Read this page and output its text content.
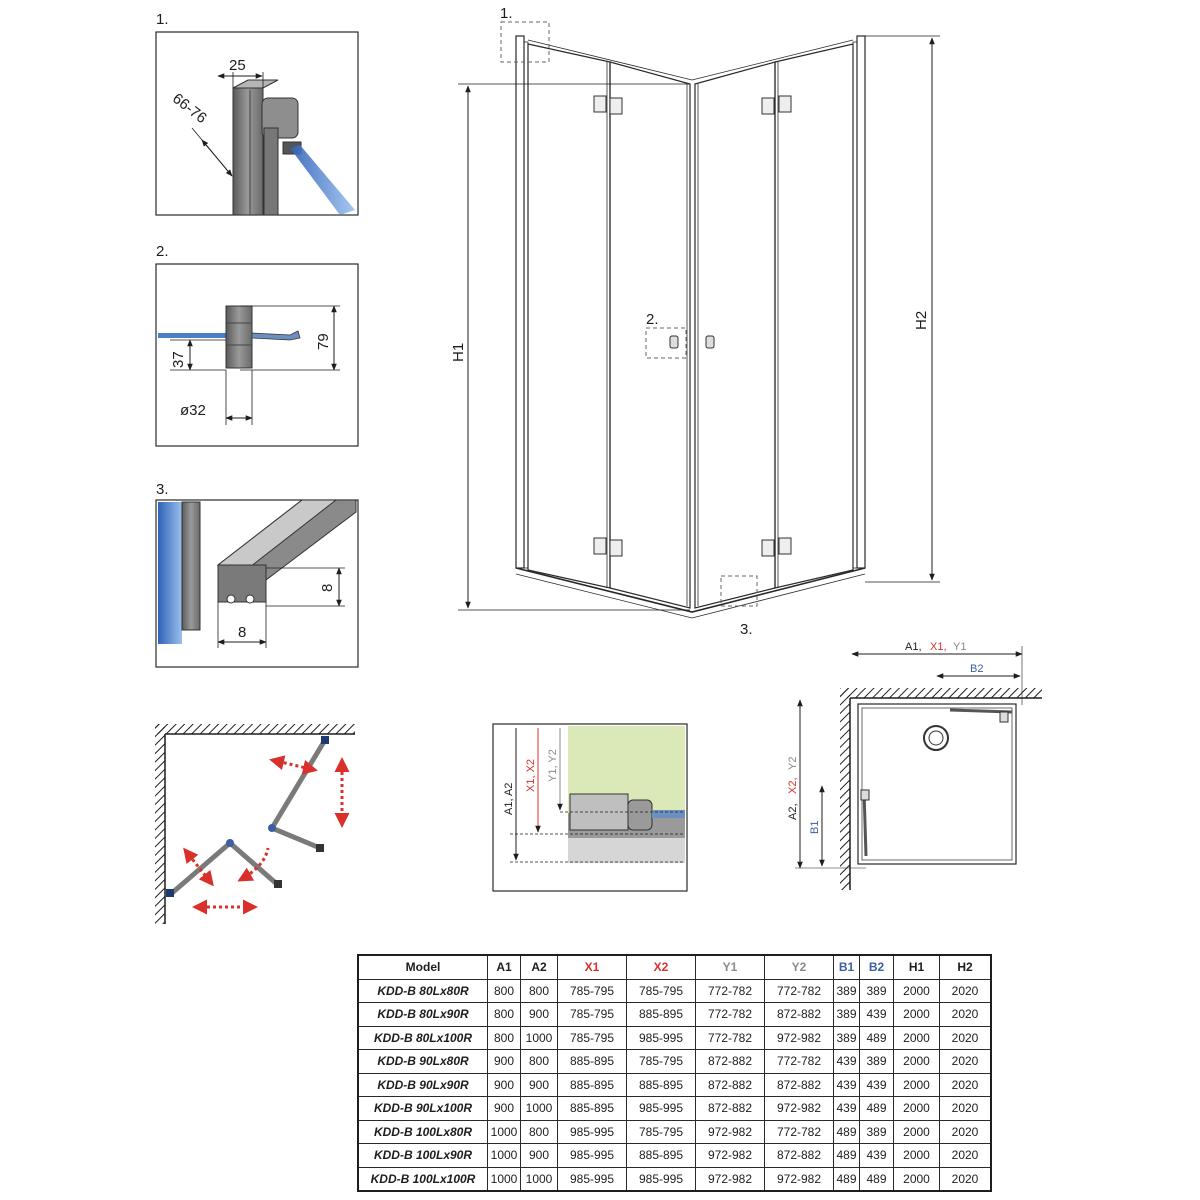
1.
25
66-76
2.
79
37
ø32
3.
8
8
1.
2.
3.
H1
H2
A1, A2
X1, X2 Y1, Y2
A1, X1, Y1
B2
A2,
X2,
Y2
B1
Model	A1	A2	X1	X2	Y1	Y2	B1	B2	H1	H2
KDD-B 80Lx80R	800	800	785-795	785-795	772-782	772-782	389	389	2000	2020
KDD-B 80Lx90R	800	900	785-795	885-895	772-782	872-882	389	439	2000	2020
KDD-B 80Lx100R	800	1000	785-795	985-995	772-782	972-982	389	489	2000	2020
KDD-B 90Lx80R	900	800	885-895	785-795	872-882	772-782	439	389	2000	2020
KDD-B 90Lx90R	900	900	885-895	885-895	872-882	872-882	439	439	2000	2020
KDD-B 90Lx100R	900	1000	885-895	985-995	872-882	972-982	439	489	2000	2020
KDD-B 100Lx80R	1000	800	985-995	785-795	972-982	772-782	489	389	2000	2020
KDD-B 100Lx90R	1000	900	985-995	885-895	972-982	872-882	489	439	2000	2020
KDD-B 100Lx100R	1000	1000	985-995	985-995	972-982	972-982	489	489	2000	2020
